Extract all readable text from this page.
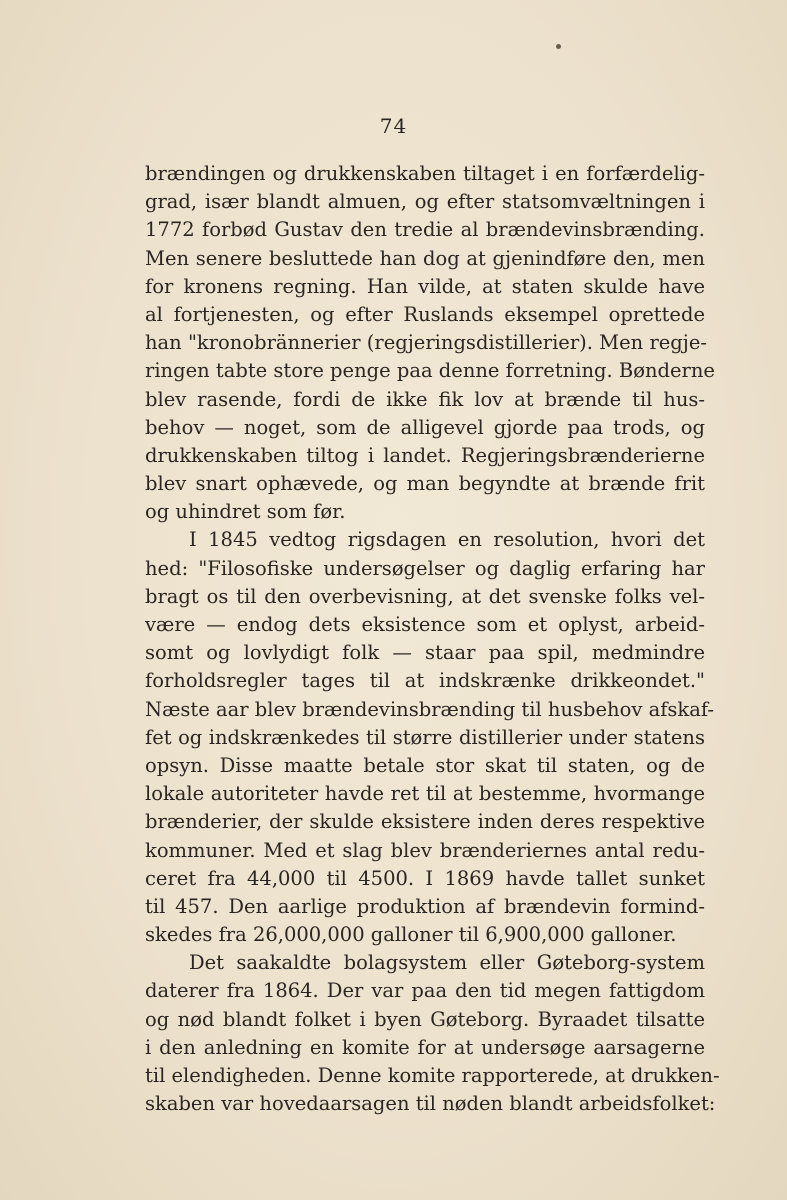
74
brændingen og drukkenskaben tiltaget i en forfærdelig-
grad, især blandt almuen, og efter statsomvæltningen i
1772 forbød Gustav den tredie al brændevinsbrænding.
Men senere besluttede han dog at gjenindføre den, men
for kronens regning. Han vilde, at staten skulde have
al fortjenesten, og efter Ruslands eksempel oprettede
han "kronobrännerier (regjeringsdistillerier). Men regje-
ringen tabte store penge paa denne forretning. Bønderne
blev rasende, fordi de ikke fik lov at brænde til hus-
behov — noget, som de alligevel gjorde paa trods, og
drukkenskaben tiltog i landet. Regjeringsbrænderierne
blev snart ophævede, og man begyndte at brænde frit
og uhindret som før.
I 1845 vedtog rigsdagen en resolution, hvori det
hed: "Filosofiske undersøgelser og daglig erfaring har
bragt os til den overbevisning, at det svenske folks vel-
være — endog dets eksistence som et oplyst, arbeid-
somt og lovlydigt folk — staar paa spil, medmindre
forholdsregler tages til at indskrænke drikkeondet."
Næste aar blev brændevinsbrænding til husbehov afskaf-
fet og indskrænkedes til større distillerier under statens
opsyn. Disse maatte betale stor skat til staten, og de
lokale autoriteter havde ret til at bestemme, hvormange
brænderier, der skulde eksistere inden deres respektive
kommuner. Med et slag blev brænderiernes antal redu-
ceret fra 44,000 til 4500. I 1869 havde tallet sunket
til 457. Den aarlige produktion af brændevin formind-
skedes fra 26,000,000 galloner til 6,900,000 galloner.
Det saakaldte bolagsystem eller Gøteborg-system
daterer fra 1864. Der var paa den tid megen fattigdom
og nød blandt folket i byen Gøteborg. Byraadet tilsatte
i den anledning en komite for at undersøge aarsagerne
til elendigheden. Denne komite rapporterede, at drukken-
skaben var hovedaarsagen til nøden blandt arbeidsfolket:
